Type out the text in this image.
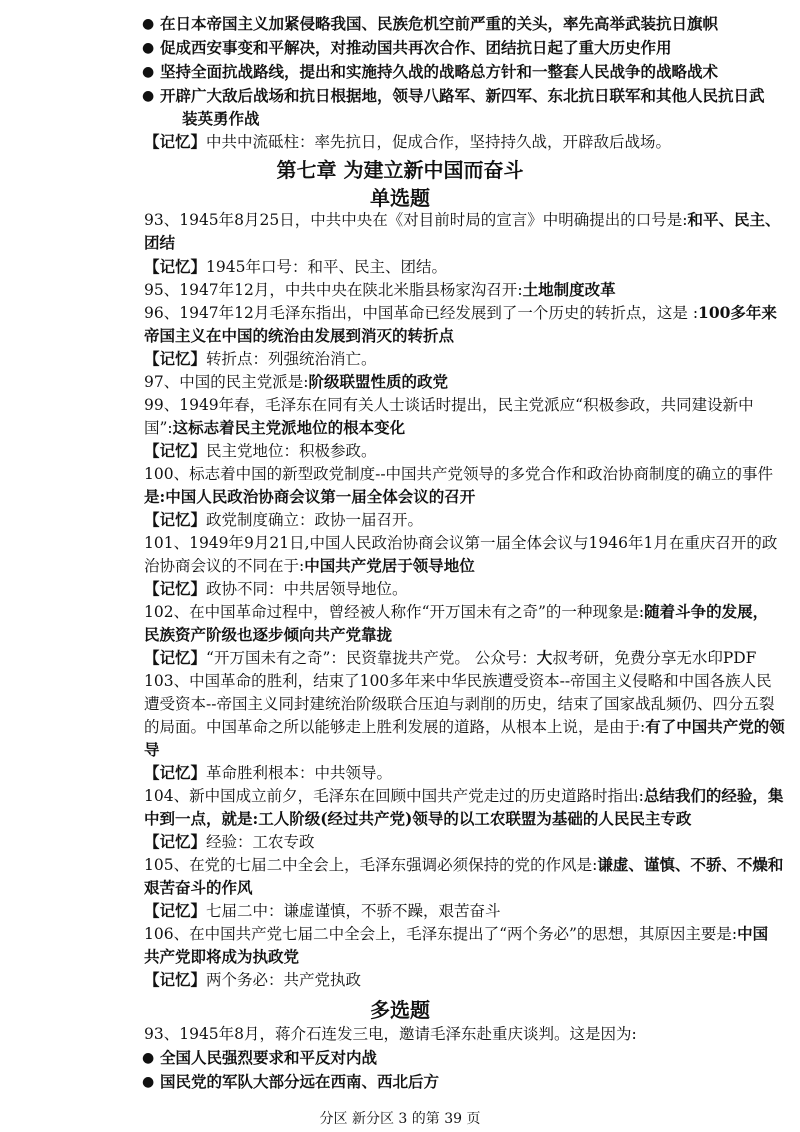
● 在日本帝国主义加紧侵略我国、民族危机空前严重的关头，率先高举武装抗日旗帜
● 促成西安事变和平解决，对推动国共再次合作、团结抗日起了重大历史作用
● 坚持全面抗战路线，提出和实施持久战的战略总方针和一整套人民战争的战略战术
● 开辟广大敌后战场和抗日根据地，领导八路军、新四军、东北抗日联军和其他人民抗日武
装英勇作战
【记忆】中共中流砥柱：率先抗日，促成合作，坚持持久战，开辟敌后战场。
第七章 为建立新中国而奋斗
单选题
93、1945年8月25日，中共中央在《对目前时局的宣言》中明确提出的口号是:和平、民主、
团结
【记忆】1945年口号：和平、民主、团结。
95、1947年12月，中共中央在陕北米脂县杨家沟召开:土地制度改革
96、1947年12月毛泽东指出，中国革命已经发展到了一个历史的转折点，这是 :100多年来
帝国主义在中国的统治由发展到消灭的转折点
【记忆】转折点：列强统治消亡。
97、中国的民主党派是:阶级联盟性质的政党
99、1949年春，毛泽东在同有关人士谈话时提出，民主党派应“积极参政，共同建设新中
国”:这标志着民主党派地位的根本变化
【记忆】民主党地位：积极参政。
100、标志着中国的新型政党制度--中国共产党领导的多党合作和政治协商制度的确立的事件
是:中国人民政治协商会议第一届全体会议的召开
【记忆】政党制度确立：政协一届召开。
101、1949年9月21日,中国人民政治协商会议第一届全体会议与1946年1月在重庆召开的政
治协商会议的不同在于:中国共产党居于领导地位
【记忆】政协不同：中共居领导地位。
102、在中国革命过程中，曾经被人称作“开万国未有之奇”的一种现象是:随着斗争的发展，
民族资产阶级也逐步倾向共产党靠拢
【记忆】“开万国未有之奇”：民资靠拢共产党。 公众号：大叔考研，免费分享无水印PDF
103、中国革命的胜利，结束了100多年来中华民族遭受资本--帝国主义侵略和中国各族人民
遭受资本--帝国主义同封建统治阶级联合压迫与剥削的历史，结束了国家战乱频仍、四分五裂
的局面。中国革命之所以能够走上胜利发展的道路，从根本上说，是由于:有了中国共产党的领
导
【记忆】革命胜利根本：中共领导。
104、新中国成立前夕，毛泽东在回顾中国共产党走过的历史道路时指出:总结我们的经验，集
中到一点，就是:工人阶级(经过共产党)领导的以工农联盟为基础的人民民主专政
【记忆】经验：工农专政
105、在党的七届二中全会上，毛泽东强调必须保持的党的作风是:谦虚、谨慎、不骄、不燥和
艰苦奋斗的作风
【记忆】七届二中：谦虚谨慎，不骄不躁，艰苦奋斗
106、在中国共产党七届二中全会上，毛泽东提出了“两个务必”的思想，其原因主要是:中国
共产党即将成为执政党
【记忆】两个务必：共产党执政
多选题
93、1945年8月，蒋介石连发三电，邀请毛泽东赴重庆谈判。这是因为:
● 全国人民强烈要求和平反对内战
● 国民党的军队大部分远在西南、西北后方
分区 新分区 3 的第 39 页
